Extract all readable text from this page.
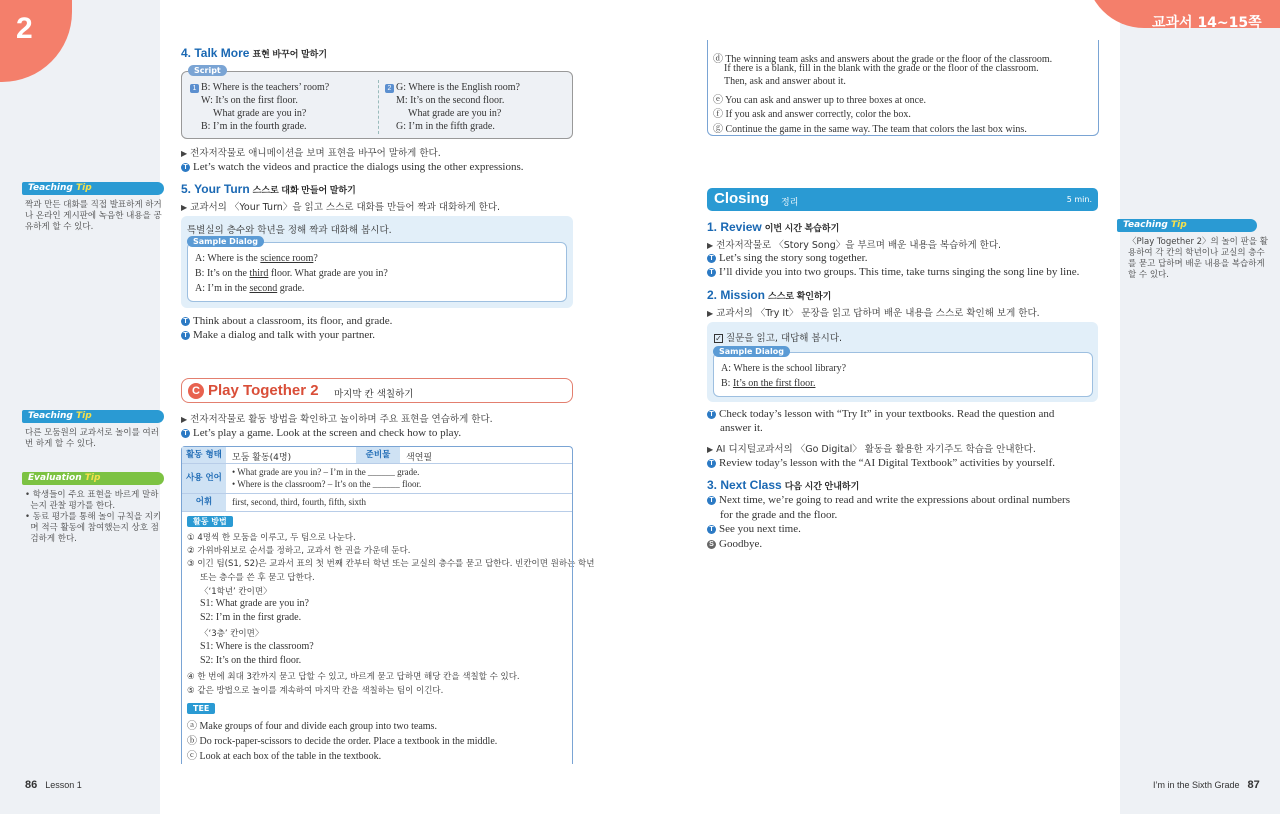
2	교과서 14~15쪽
Teaching Tip
짝과 만든 대화를 직접 발표하게 하거
나 온라인 게시판에 녹음한 내용을 공
유하게 할 수 있다.
Teaching Tip
다른 모둠원의 교과서로 놀이를 여러
번 하게 할 수 있다.
Evaluation Tip
• 학생들이 주요 표현을 바르게 말하
는지 관찰 평가를 한다.
• 동료 평가를 통해 놀이 규칙을 지키
며 적극 활동에 참여했는지 상호 점
검하게 한다.
Teaching Tip
〈Play Together 2〉의 놀이 판을 활
용하여 각 칸의 학년이나 교실의 층수
를 묻고 답하며 배운 내용을 복습하게
할 수 있다.
4. Talk More 표현 바꾸어 말하기
Script
1 B: Where is the teachers’ room?
W: It’s on the first floor.
What grade are you in?
B: I’m in the fourth grade.
2 G: Where is the English room?
M: It’s on the second floor.
What grade are you in?
G: I’m in the fifth grade.
▶ 전자저작물로 애니메이션을 보며 표현을 바꾸어 말하게 한다.
T Let’s watch the videos and practice the dialogs using the other expressions.
5. Your Turn 스스로 대화 만들어 말하기
▶ 교과서의 〈Your Turn〉을 읽고 스스로 대화를 만들어 짝과 대화하게 한다.
특별실의 층수와 학년을 정해 짝과 대화해 봅시다.
Sample Dialog
A: Where is the science room?
B: It’s on the third floor. What grade are you in?
A: I’m in the second grade.
T Think about a classroom, its floor, and grade.
T Make a dialog and talk with your partner.
C Play Together 2 마지막 칸 색칠하기
▶ 전자저작물로 활동 방법을 확인하고 놀이하며 주요 표현을 연습하게 한다.
T Let’s play a game. Look at the screen and check how to play.
활동 형태	모둠 활동(4명)	준비물	색연필
사용 언어
• What grade are you in? – I’m in the ______ grade.
• Where is the classroom? – It’s on the ______ floor.
어휘	first, second, third, fourth, fifth, sixth
활동 방법
① 4명씩 한 모둠을 이루고, 두 팀으로 나눈다.
② 가위바위보로 순서를 정하고, 교과서 한 권을 가운데 둔다.
③ 이긴 팀(S1, S2)은 교과서 표의 첫 번째 칸부터 학년 또는 교실의 층수를 묻고 답한다. 빈칸이면 원하는 학년
또는 층수를 쓴 후 묻고 답한다.
〈‘1학년’ 칸이면〉
S1: What grade are you in?
S2: I’m in the first grade.
〈‘3층’ 칸이면〉
S1: Where is the classroom?
S2: It’s on the third floor.
④ 한 번에 최대 3칸까지 묻고 답할 수 있고, 바르게 묻고 답하면 해당 칸을 색칠할 수 있다.
⑤ 같은 방법으로 놀이를 계속하여 마지막 칸을 색칠하는 팀이 이긴다.
TEE
ⓐ Make groups of four and divide each group into two teams.
ⓑ Do rock-paper-scissors to decide the order. Place a textbook in the middle.
ⓒ Look at each box of the table in the textbook.
ⓓ The winning team asks and answers about the grade or the floor of the classroom.
If there is a blank, fill in the blank with the grade or the floor of the classroom.
Then, ask and answer about it.
ⓔ You can ask and answer up to three boxes at once.
ⓕ If you ask and answer correctly, color the box.
ⓖ Continue the game in the same way. The team that colors the last box wins.
Closing 정리	5 min.
1. Review 이번 시간 복습하기
▶ 전자저작물로 〈Story Song〉을 부르며 배운 내용을 복습하게 한다.
T Let’s sing the story song together.
T I’ll divide you into two groups. This time, take turns singing the song line by line.
2. Mission 스스로 확인하기
▶ 교과서의 〈Try It〉 문장을 읽고 답하며 배운 내용을 스스로 확인해 보게 한다.
✓ 질문을 읽고, 대답해 봅시다.
Sample Dialog
A: Where is the school library?
B: It’s on the first floor.
T Check today’s lesson with “Try It” in your textbooks. Read the question and
answer it.
▶ AI 디지털교과서의 〈Go Digital〉 활동을 활용한 자기주도 학습을 안내한다.
T Review today’s lesson with the “AI Digital Textbook” activities by yourself.
3. Next Class 다음 시간 안내하기
T Next time, we’re going to read and write the expressions about ordinal numbers
for the grade and the floor.
T See you next time.
S Goodbye.
86 Lesson 1	I’m in the Sixth Grade 87
